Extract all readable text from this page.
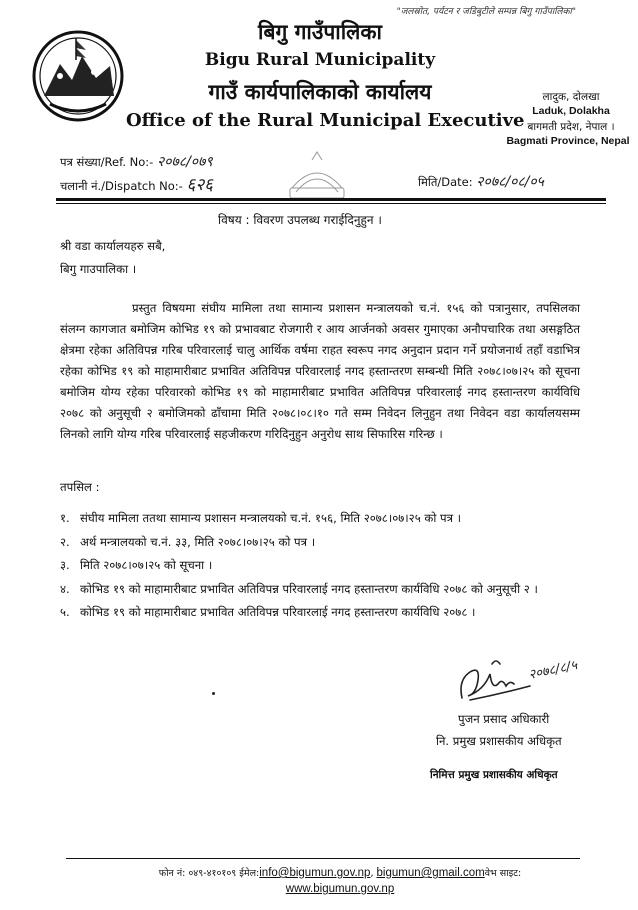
"जलस्रोत, पर्यटन र जडिबुटीले सम्पन्न बिगु गाउँपालिका"
बिगु गाउँपालिका
Bigu Rural Municipality
गाउँ कार्यपालिकाको कार्यालय
Office of the Rural Municipal Executive
लादुक, दोलखा
Laduk, Dolakha
बागमती प्रदेश, नेपाल ।
Bagmati Province, Nepal
पत्र संख्या/Ref. No:- २०७८/०७९
चलानी नं./Dispatch No:- ६२६	मिति/Date: २०७८/०८/०५
विषय : विवरण उपलब्ध गराईदिनुहुन ।
श्री वडा कार्यालयहरु सबै,
बिगु गाउपालिका ।

प्रस्तुत विषयमा संघीय मामिला तथा सामान्य प्रशासन मन्त्रालयको च.नं. १५६ को पत्रानुसार, तपसिलका संलग्न कागजात बमोजिम कोभिड १९ को प्रभावबाट रोजगारी र आय आर्जनको अवसर गुमाएका अनौपचारिक तथा असङ्गठित क्षेत्रमा रहेका अतिविपन्न गरिब परिवारलाई चालु आर्थिक वर्षमा राहत स्वरूप नगद अनुदान प्रदान गर्ने प्रयोजनार्थ तहाँ वडाभित्र रहेका कोभिड १९ को माहामारीबाट प्रभावित अतिविपन्न परिवारलाई नगद हस्तान्तरण सम्बन्धी मिति २०७८।०७।२५ को सूचना बमोजिम योग्य रहेका परिवारको कोभिड १९ को माहामारीबाट प्रभावित अतिविपन्न परिवारलाई नगद हस्तान्तरण कार्यविधि २०७८ को अनुसूची २ बमोजिमको ढाँचामा मिति २०७८।०८।१० गते सम्म निवेदन लिनुहुन तथा निवेदन वडा कार्यालयसम्म लिनको लागि योग्य गरिब परिवारलाई सहजीकरण गरिदिनुहुन अनुरोध साथ सिफारिस गरिन्छ ।

तपसिल :
१. संघीय मामिला ततथा सामान्य प्रशासन मन्त्रालयको च.नं. १५६, मिति २०७८।०७।२५ को पत्र ।
२. अर्थ मन्त्रालयको च.नं. ३३, मिति २०७८।०७।२५ को पत्र ।
३. मिति २०७८।०७।२५ को सूचना ।
४. कोभिड १९ को माहामारीबाट प्रभावित अतिविपन्न परिवारलाई नगद हस्तान्तरण कार्यविधि २०७८ को अनुसूची २ ।
५. कोभिड १९ को माहामारीबाट प्रभावित अतिविपन्न परिवारलाई नगद हस्तान्तरण कार्यविधि २०७८ ।
२०७८/८/५
पुजन प्रसाद अधिकारी
नि. प्रमुख प्रशासकीय अधिकृत
निमित्त प्रमुख प्रशासकीय अधिकृत
फोन नं: ०४९-४१०१०९ ईमेल:info@bigumun.gov.np, bigumun@gmail.comवेभ साइट:
www.bigumun.gov.np
